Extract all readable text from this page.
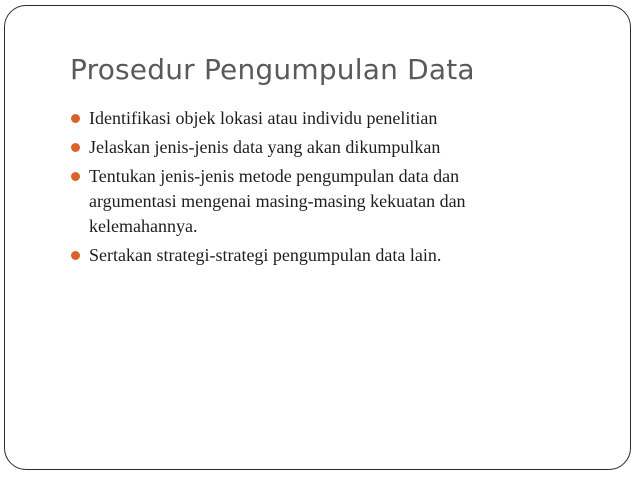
Prosedur Pengumpulan Data
Identifikasi objek lokasi atau individu penelitian
Jelaskan jenis-jenis data yang akan dikumpulkan
Tentukan jenis-jenis metode pengumpulan data dan argumentasi mengenai masing-masing kekuatan dan kelemahannya.
Sertakan strategi-strategi pengumpulan data lain.
